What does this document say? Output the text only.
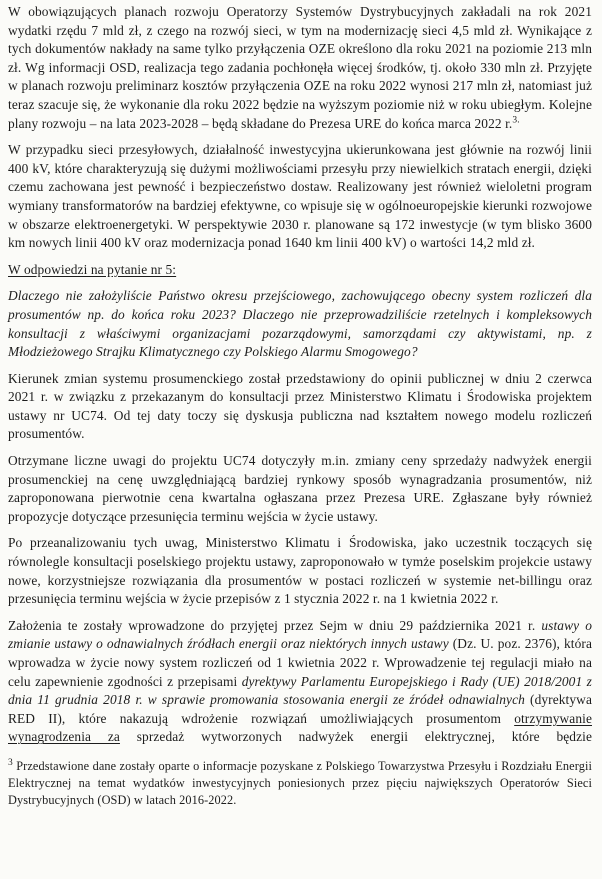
W obowiązujących planach rozwoju Operatorzy Systemów Dystrybucyjnych zakładali na rok 2021 wydatki rzędu 7 mld zł, z czego na rozwój sieci, w tym na modernizację sieci 4,5 mld zł. Wynikające z tych dokumentów nakłady na same tylko przyłączenia OZE określono dla roku 2021 na poziomie 213 mln zł. Wg informacji OSD, realizacja tego zadania pochłonęła więcej środków, tj. około 330 mln zł. Przyjęte w planach rozwoju preliminarz kosztów przyłączenia OZE na roku 2022 wynosi 217 mln zł, natomiast już teraz szacuje się, że wykonanie dla roku 2022 będzie na wyższym poziomie niż w roku ubiegłym. Kolejne plany rozwoju – na lata 2023-2028 – będą składane do Prezesa URE do końca marca 2022 r.$^{3.}$

W przypadku sieci przesyłowych, działalność inwestycyjna ukierunkowana jest głównie na rozwój linii 400 kV, które charakteryzują się dużymi możliwościami przesyłu przy niewielkich stratach energii, dzięki czemu zachowana jest pewność i bezpieczeństwo dostaw. Realizowany jest również wieloletni program wymiany transformatorów na bardziej efektywne, co wpisuje się w ogólnoeuropejskie kierunki rozwojowe w obszarze elektroenergetyki. W perspektywie 2030 r. planowane są 172 inwestycje (w tym blisko 3600 km nowych linii 400 kV oraz modernizacja ponad 1640 km linii 400 kV) o wartości 14,2 mld zł.

W odpowiedzi na pytanie nr 5:

Dlaczego nie założyliście Państwo okresu przejściowego, zachowującego obecny system rozliczeń dla prosumentów np. do końca roku 2023? Dlaczego nie przeprowadziliście rzetelnych i kompleksowych konsultacji z właściwymi organizacjami pozarządowymi, samorządami czy aktywistami, np. z Młodzieżowego Strajku Klimatycznego czy Polskiego Alarmu Smogowego?

Kierunek zmian systemu prosumenckiego został przedstawiony do opinii publicznej w dniu 2 czerwca 2021 r. w związku z przekazanym do konsultacji przez Ministerstwo Klimatu i Środowiska projektem ustawy nr UC74. Od tej daty toczy się dyskusja publiczna nad kształtem nowego modelu rozliczeń prosumentów.

Otrzymane liczne uwagi do projektu UC74 dotyczyły m.in. zmiany ceny sprzedaży nadwyżek energii prosumenckiej na cenę uwzględniającą bardziej rynkowy sposób wynagradzania prosumentów, niż zaproponowana pierwotnie cena kwartalna ogłaszana przez Prezesa URE. Zgłaszane były również propozycje dotyczące przesunięcia terminu wejścia w życie ustawy.

Po przeanalizowaniu tych uwag, Ministerstwo Klimatu i Środowiska, jako uczestnik toczących się równolegle konsultacji poselskiego projektu ustawy, zaproponowało w tymże poselskim projekcie ustawy nowe, korzystniejsze rozwiązania dla prosumentów w postaci rozliczeń w systemie net-billingu oraz przesunięcia terminu wejścia w życie przepisów z 1 stycznia 2022 r. na 1 kwietnia 2022 r.

Założenia te zostały wprowadzone do przyjętej przez Sejm w dniu 29 października 2021 r. ustawy o zmianie ustawy o odnawialnych źródłach energii oraz niektórych innych ustawy (Dz. U. poz. 2376), która wprowadza w życie nowy system rozliczeń od 1 kwietnia 2022 r. Wprowadzenie tej regulacji miało na celu zapewnienie zgodności z przepisami dyrektywy Parlamentu Europejskiego i Rady (UE) 2018/2001 z dnia 11 grudnia 2018 r. w sprawie promowania stosowania energii ze źródeł odnawialnych (dyrektywa RED II), które nakazują wdrożenie rozwiązań umożliwiających prosumentom otrzymywanie wynagrodzenia za sprzedaż wytworzonych nadwyżek energii elektrycznej, które będzie

$^3$ Przedstawione dane zostały oparte o informacje pozyskane z Polskiego Towarzystwa Przesyłu i Rozdziału Energii Elektrycznej na temat wydatków inwestycyjnych poniesionych przez pięciu największych Operatorów Sieci Dystrybucyjnych (OSD) w latach 2016-2022.
